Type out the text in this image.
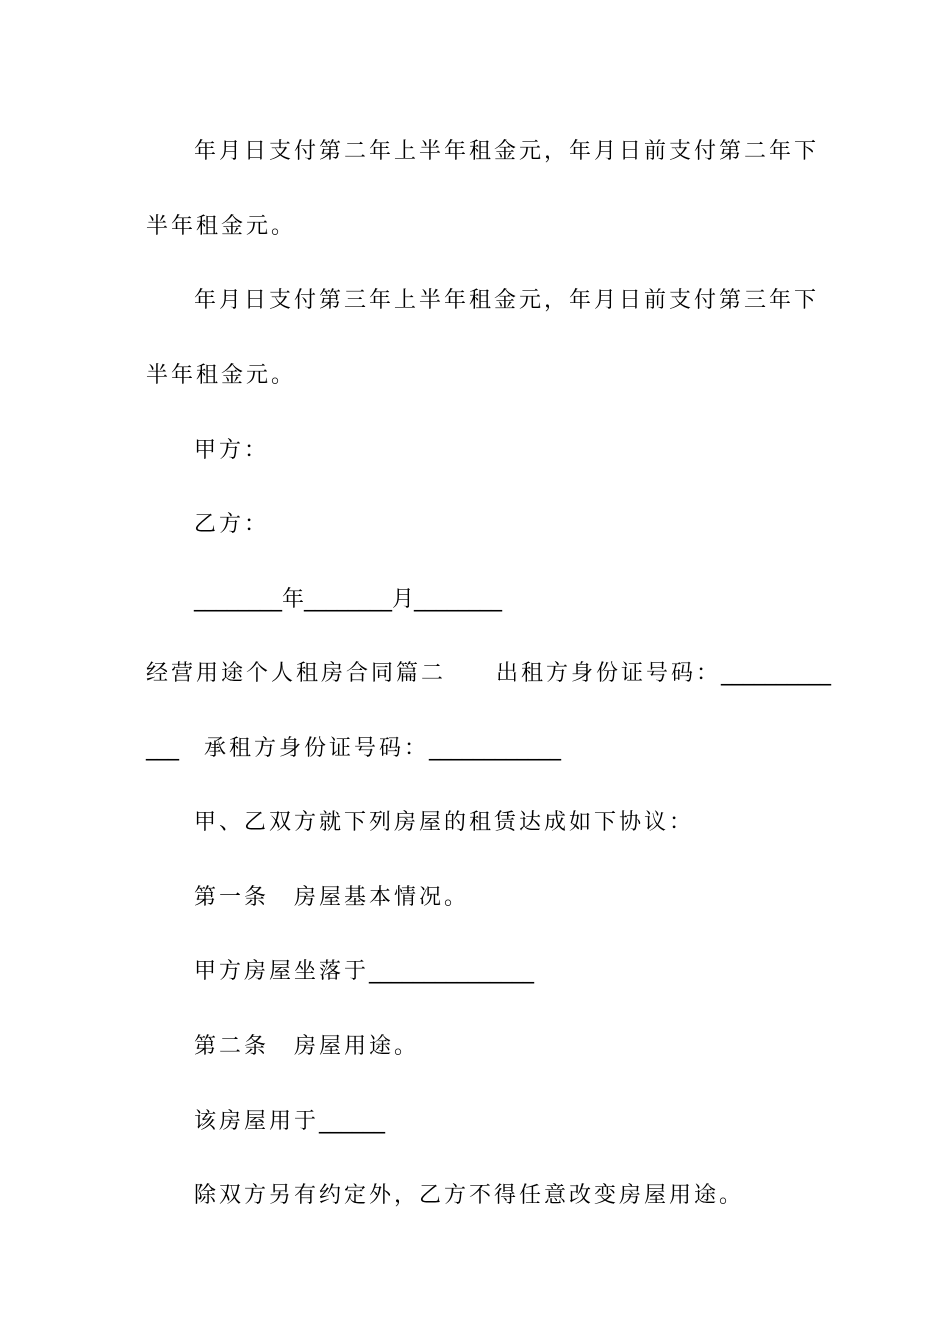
年月日支付第二年上半年租金元，年月日前支付第二年下
半年租金元。
年月日支付第三年上半年租金元，年月日前支付第三年下
半年租金元。
甲方：
乙方：
________年________月________
经营用途个人租房合同篇二　　出租方身份证号码：__________
___　承租方身份证号码：____________
甲、乙双方就下列房屋的租赁达成如下协议：
第一条　房屋基本情况。
甲方房屋坐落于_______________
第二条　房屋用途。
该房屋用于______
除双方另有约定外，乙方不得任意改变房屋用途。
